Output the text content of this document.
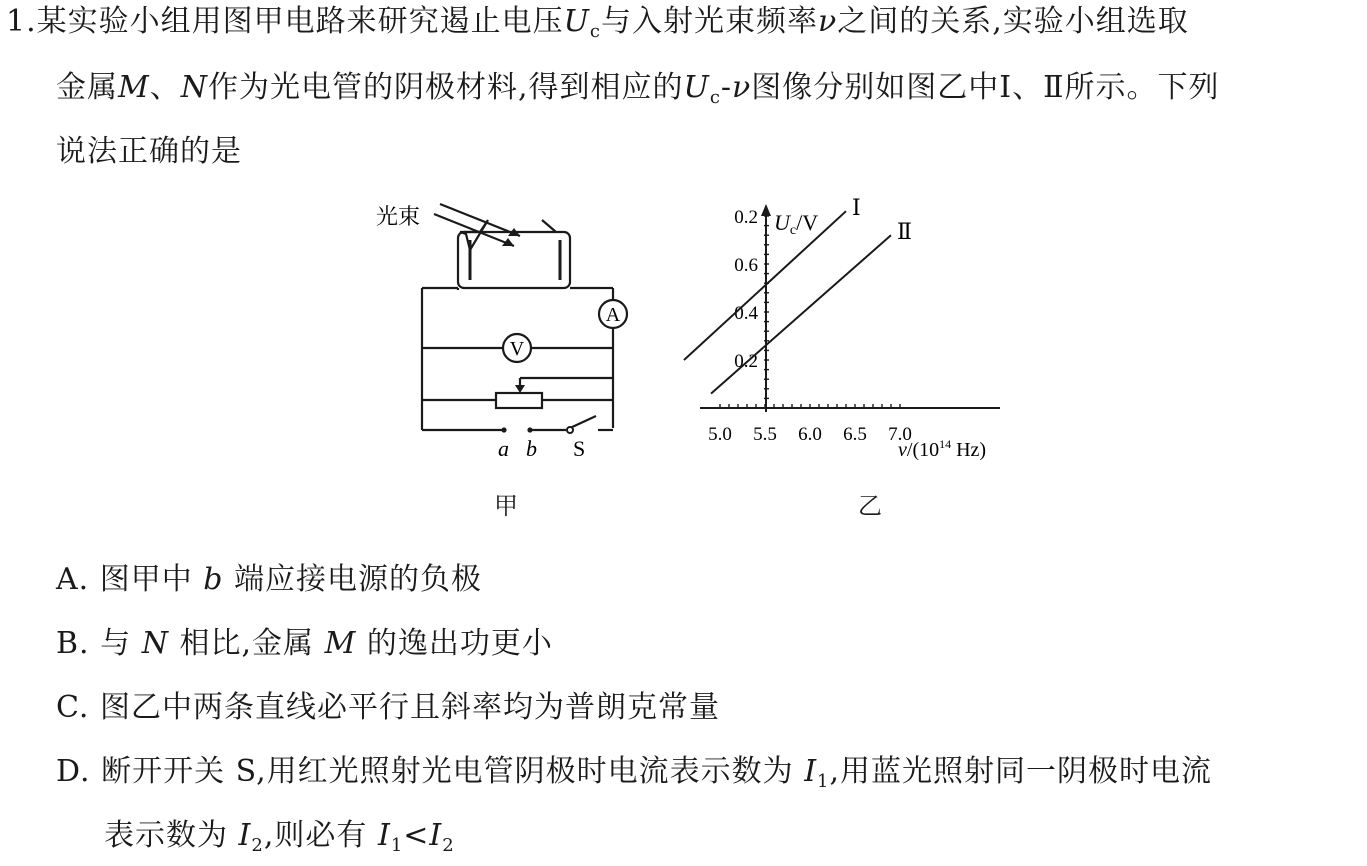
1.某实验小组用图甲电路来研究遏止电压$U_c$与入射光束频率ν之间的关系,实验小组选取
金属M、N作为光电管的阴极材料,得到相应的$U_c-\nu$图像分别如图乙中Ⅰ、Ⅱ所示。下列
说法正确的是
A
V
光束
a b S
甲
5.0 5.5 6.0 6.5 7.0
0.2
0.6
0.4
0.2
Ⅰ
Ⅱ
Uc/V
$\nu/(10^{14}$ Hz)
乙
A. 图甲中 b 端应接电源的负极
B. 与 N 相比,金属 M 的逸出功更小
C. 图乙中两条直线必平行且斜率均为普朗克常量
D. 断开开关 S,用红光照射光电管阴极时电流表示数为 $I_1$,用蓝光照射同一阴极时电流
表示数为 $I_2$,则必有 $I_1<I_2$
